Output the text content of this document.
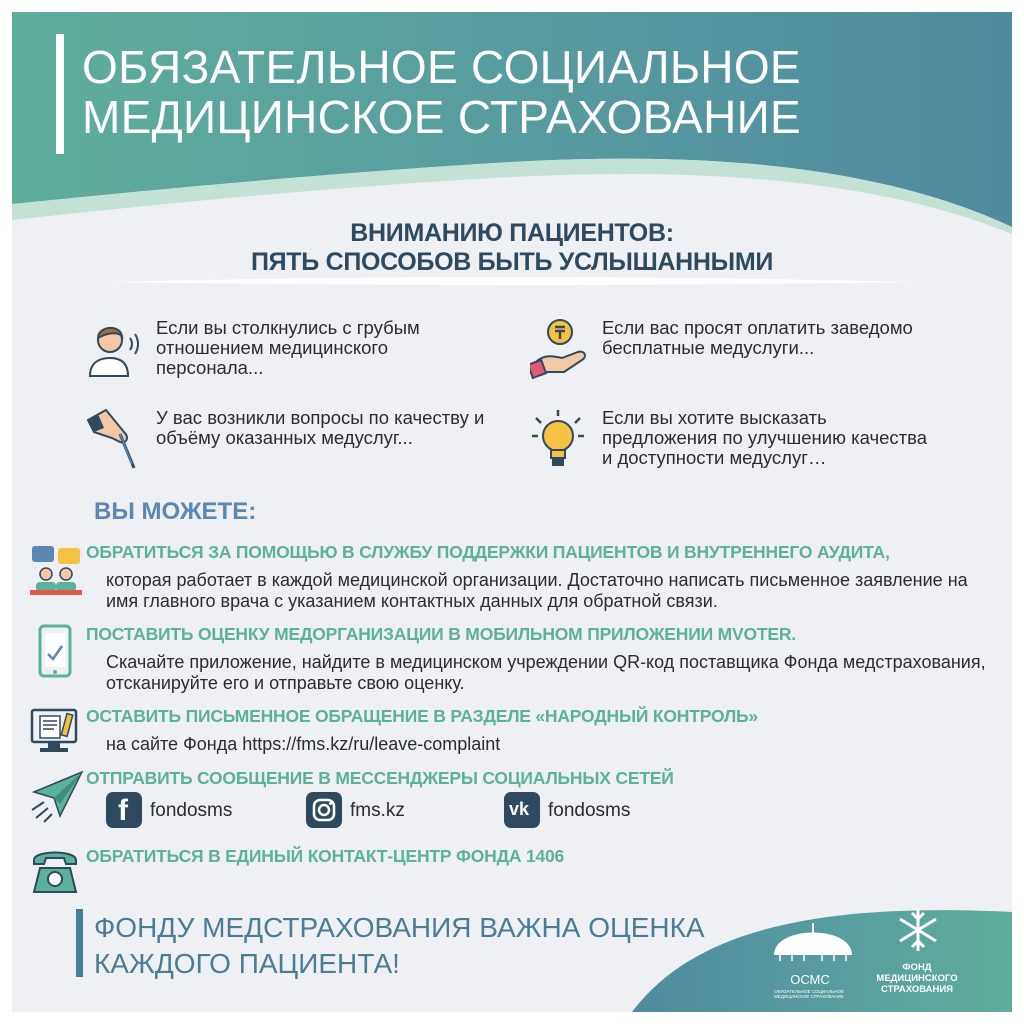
ОБЯЗАТЕЛЬНОЕ СОЦИАЛЬНОЕ
МЕДИЦИНСКОЕ СТРАХОВАНИЕ
ВНИМАНИЮ ПАЦИЕНТОВ:
ПЯТЬ СПОСОБОВ БЫТЬ УСЛЫШАННЫМИ
Если вы столкнулись с грубым отношением медицинского персонала...
Если вас просят оплатить заведомо бесплатные медуслуги...
У вас возникли вопросы по качеству и объёму оказанных медуслуг...
Если вы хотите высказать предложения по улучшению качества и доступности медуслуг…
ВЫ МОЖЕТЕ:
ОБРАТИТЬСЯ ЗА ПОМОЩЬЮ В СЛУЖБУ ПОДДЕРЖКИ ПАЦИЕНТОВ И ВНУТРЕННЕГО АУДИТА,
которая работает в каждой медицинской организации. Достаточно написать письменное заявление на имя главного врача с указанием контактных данных для обратной связи.
ПОСТАВИТЬ ОЦЕНКУ МЕДОРГАНИЗАЦИИ В МОБИЛЬНОМ ПРИЛОЖЕНИИ MVOTER.
Скачайте приложение, найдите в медицинском учреждении QR-код поставщика Фонда медстрахования, отсканируйте его и отправьте свою оценку.
ОСТАВИТЬ ПИСЬМЕННОЕ ОБРАЩЕНИЕ В РАЗДЕЛЕ «НАРОДНЫЙ КОНТРОЛЬ»
на сайте Фонда https://fms.kz/ru/leave-complaint
ОТПРАВИТЬ СООБЩЕНИЕ В МЕССЕНДЖЕРЫ СОЦИАЛЬНЫХ СЕТЕЙ
f fondosms	fms.kz	vk fondosms
ОБРАТИТЬСЯ В ЕДИНЫЙ КОНТАКТ-ЦЕНТР ФОНДА 1406
ФОНДУ МЕДСТРАХОВАНИЯ ВАЖНА ОЦЕНКА
КАЖДОГО ПАЦИЕНТА!
ОСМС
ОБЯЗАТЕЛЬНОЕ СОЦИАЛЬНОЕ МЕДИЦИНСКОЕ СТРАХОВАНИЕ
ФОНД
МЕДИЦИНСКОГО
СТРАХОВАНИЯ
